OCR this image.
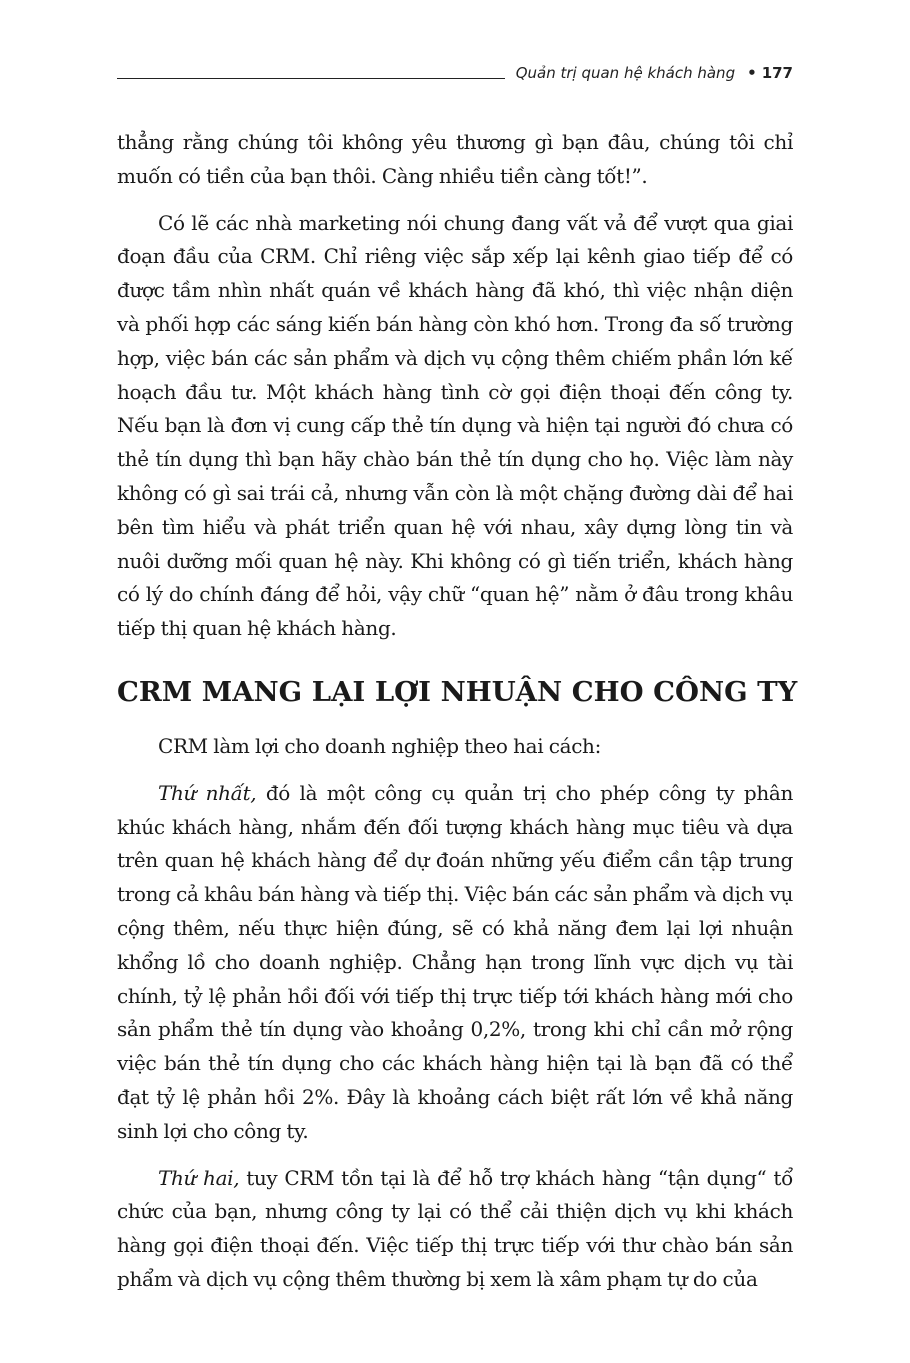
Quản trị quan hệ khách hàng • 177

thẳng rằng chúng tôi không yêu thương gì bạn đâu, chúng tôi chỉ muốn có tiền của bạn thôi. Càng nhiều tiền càng tốt!”.

Có lẽ các nhà marketing nói chung đang vất vả để vượt qua giai đoạn đầu của CRM. Chỉ riêng việc sắp xếp lại kênh giao tiếp để có được tầm nhìn nhất quán về khách hàng đã khó, thì việc nhận diện và phối hợp các sáng kiến bán hàng còn khó hơn. Trong đa số trường hợp, việc bán các sản phẩm và dịch vụ cộng thêm chiếm phần lớn kế hoạch đầu tư. Một khách hàng tình cờ gọi điện thoại đến công ty. Nếu bạn là đơn vị cung cấp thẻ tín dụng và hiện tại người đó chưa có thẻ tín dụng thì bạn hãy chào bán thẻ tín dụng cho họ. Việc làm này không có gì sai trái cả, nhưng vẫn còn là một chặng đường dài để hai bên tìm hiểu và phát triển quan hệ với nhau, xây dựng lòng tin và nuôi dưỡng mối quan hệ này. Khi không có gì tiến triển, khách hàng có lý do chính đáng để hỏi, vậy chữ “quan hệ” nằm ở đâu trong khâu tiếp thị quan hệ khách hàng.

CRM MANG LẠI LỢI NHUẬN CHO CÔNG TY

CRM làm lợi cho doanh nghiệp theo hai cách:

Thứ nhất, đó là một công cụ quản trị cho phép công ty phân khúc khách hàng, nhắm đến đối tượng khách hàng mục tiêu và dựa trên quan hệ khách hàng để dự đoán những yếu điểm cần tập trung trong cả khâu bán hàng và tiếp thị. Việc bán các sản phẩm và dịch vụ cộng thêm, nếu thực hiện đúng, sẽ có khả năng đem lại lợi nhuận khổng lồ cho doanh nghiệp. Chẳng hạn trong lĩnh vực dịch vụ tài chính, tỷ lệ phản hồi đối với tiếp thị trực tiếp tới khách hàng mới cho sản phẩm thẻ tín dụng vào khoảng 0,2%, trong khi chỉ cần mở rộng việc bán thẻ tín dụng cho các khách hàng hiện tại là bạn đã có thể đạt tỷ lệ phản hồi 2%. Đây là khoảng cách biệt rất lớn về khả năng sinh lợi cho công ty.

Thứ hai, tuy CRM tồn tại là để hỗ trợ khách hàng “tận dụng“ tổ chức của bạn, nhưng công ty lại có thể cải thiện dịch vụ khi khách hàng gọi điện thoại đến. Việc tiếp thị trực tiếp với thư chào bán sản phẩm và dịch vụ cộng thêm thường bị xem là xâm phạm tự do của
